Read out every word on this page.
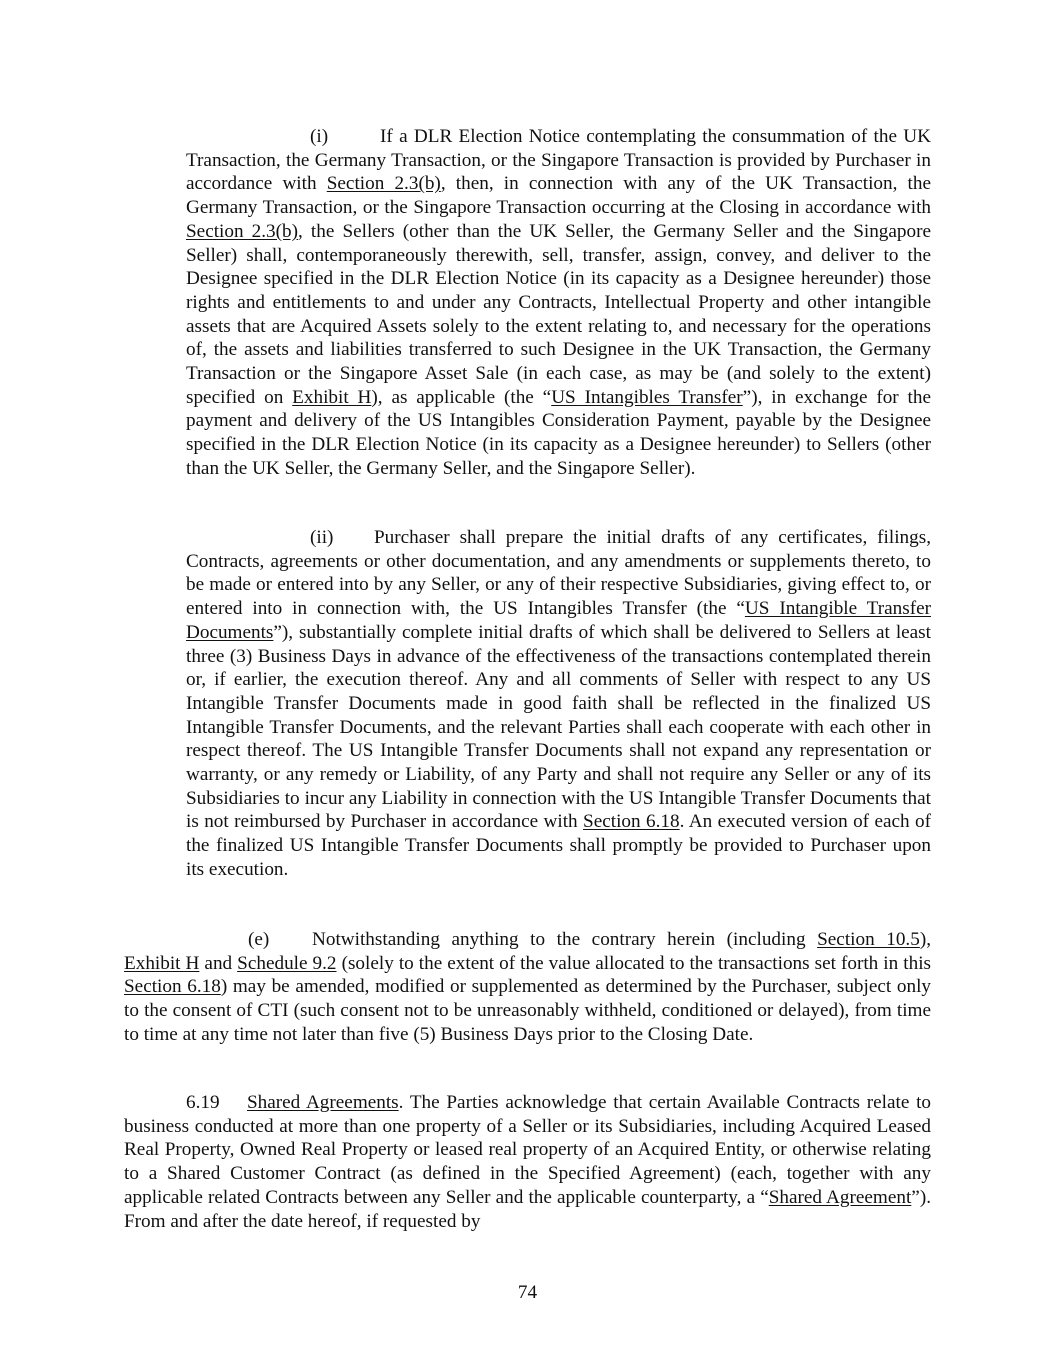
(i)	If a DLR Election Notice contemplating the consummation of the UK Transaction, the Germany Transaction, or the Singapore Transaction is provided by Purchaser in accordance with Section 2.3(b), then, in connection with any of the UK Transaction, the Germany Transaction, or the Singapore Transaction occurring at the Closing in accordance with Section 2.3(b), the Sellers (other than the UK Seller, the Germany Seller and the Singapore Seller) shall, contemporaneously therewith, sell, transfer, assign, convey, and deliver to the Designee specified in the DLR Election Notice (in its capacity as a Designee hereunder) those rights and entitlements to and under any Contracts, Intellectual Property and other intangible assets that are Acquired Assets solely to the extent relating to, and necessary for the operations of, the assets and liabilities transferred to such Designee in the UK Transaction, the Germany Transaction or the Singapore Asset Sale (in each case, as may be (and solely to the extent) specified on Exhibit H), as applicable (the “US Intangibles Transfer”), in exchange for the payment and delivery of the US Intangibles Consideration Payment, payable by the Designee specified in the DLR Election Notice (in its capacity as a Designee hereunder) to Sellers (other than the UK Seller, the Germany Seller, and the Singapore Seller).

(ii) Purchaser shall prepare the initial drafts of any certificates, filings, Contracts, agreements or other documentation, and any amendments or supplements thereto, to be made or entered into by any Seller, or any of their respective Subsidiaries, giving effect to, or entered into in connection with, the US Intangibles Transfer (the “US Intangible Transfer Documents”), substantially complete initial drafts of which shall be delivered to Sellers at least three (3) Business Days in advance of the effectiveness of the transactions contemplated therein or, if earlier, the execution thereof. Any and all comments of Seller with respect to any US Intangible Transfer Documents made in good faith shall be reflected in the finalized US Intangible Transfer Documents, and the relevant Parties shall each cooperate with each other in respect thereof. The US Intangible Transfer Documents shall not expand any representation or warranty, or any remedy or Liability, of any Party and shall not require any Seller or any of its Subsidiaries to incur any Liability in connection with the US Intangible Transfer Documents that is not reimbursed by Purchaser in accordance with Section 6.18. An executed version of each of the finalized US Intangible Transfer Documents shall promptly be provided to Purchaser upon its execution.

(e) Notwithstanding anything to the contrary herein (including Section 10.5), Exhibit H and Schedule 9.2 (solely to the extent of the value allocated to the transactions set forth in this Section 6.18) may be amended, modified or supplemented as determined by the Purchaser, subject only to the consent of CTI (such consent not to be unreasonably withheld, conditioned or delayed), from time to time at any time not later than five (5) Business Days prior to the Closing Date.

6.19 Shared Agreements. The Parties acknowledge that certain Available Contracts relate to business conducted at more than one property of a Seller or its Subsidiaries, including Acquired Leased Real Property, Owned Real Property or leased real property of an Acquired Entity, or otherwise relating to a Shared Customer Contract (as defined in the Specified Agreement) (each, together with any applicable related Contracts between any Seller and the applicable counterparty, a “Shared Agreement”). From and after the date hereof, if requested by

74
